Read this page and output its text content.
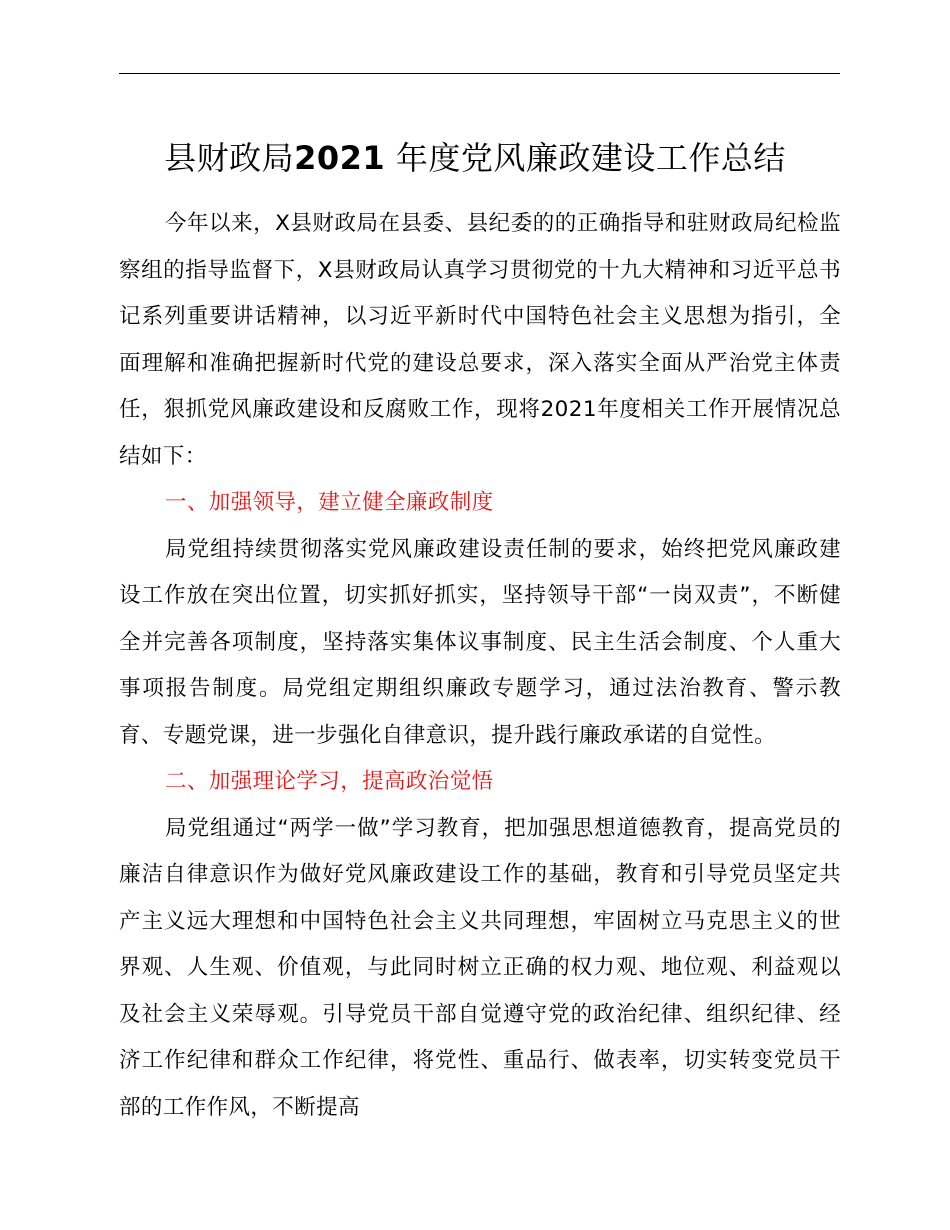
县财政局2021 年度党风廉政建设工作总结

今年以来，X县财政局在县委、县纪委的的正确指导和驻财政局纪检监察组的指导监督下，X县财政局认真学习贯彻党的十九大精神和习近平总书记系列重要讲话精神，以习近平新时代中国特色社会主义思想为指引，全面理解和准确把握新时代党的建设总要求，深入落实全面从严治党主体责任，狠抓党风廉政建设和反腐败工作，现将2021年度相关工作开展情况总结如下：

一、加强领导，建立健全廉政制度

局党组持续贯彻落实党风廉政建设责任制的要求，始终把党风廉政建设工作放在突出位置，切实抓好抓实，坚持领导干部“一岗双责”，不断健全并完善各项制度，坚持落实集体议事制度、民主生活会制度、个人重大事项报告制度。局党组定期组织廉政专题学习，通过法治教育、警示教育、专题党课，进一步强化自律意识，提升践行廉政承诺的自觉性。

二、加强理论学习，提高政治觉悟

局党组通过“两学一做”学习教育，把加强思想道德教育，提高党员的廉洁自律意识作为做好党风廉政建设工作的基础，教育和引导党员坚定共产主义远大理想和中国特色社会主义共同理想，牢固树立马克思主义的世界观、人生观、价值观，与此同时树立正确的权力观、地位观、利益观以及社会主义荣辱观。引导党员干部自觉遵守党的政治纪律、组织纪律、经济工作纪律和群众工作纪律，将党性、重品行、做表率，切实转变党员干部的工作作风，不断提高
